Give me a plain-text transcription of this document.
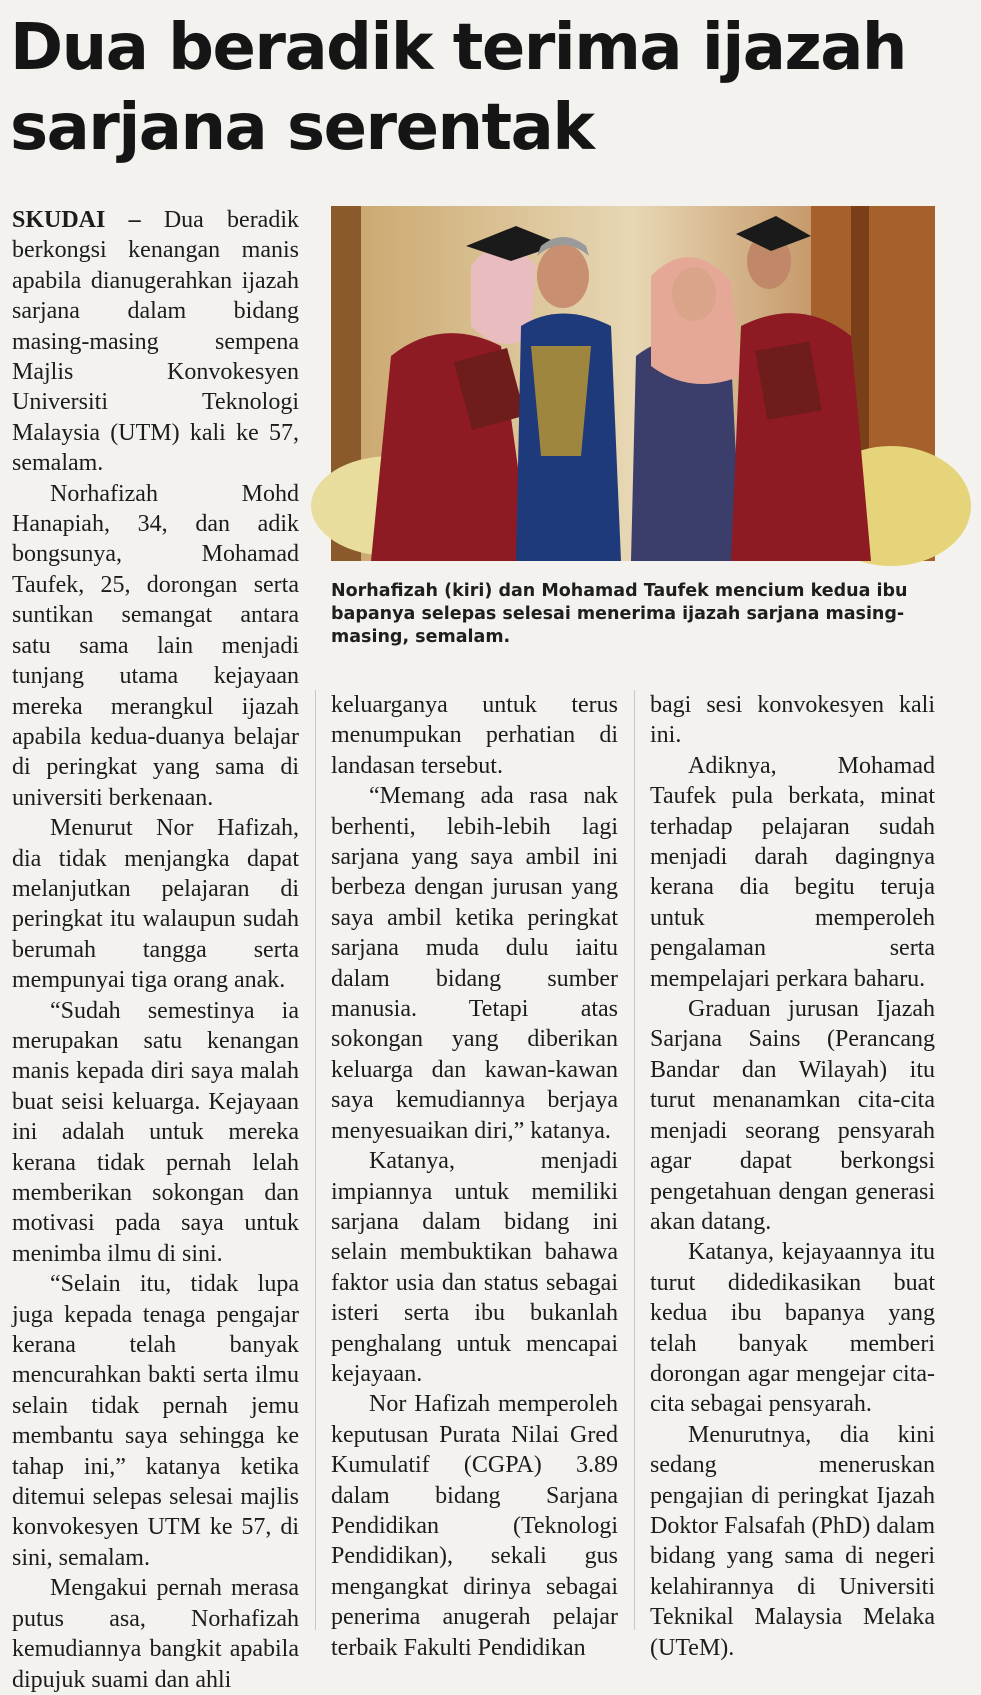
Dua beradik terima ijazah sarjana serentak

SKUDAI – Dua beradik berkongsi kenangan manis apabila dianugerahkan ijazah sarjana dalam bidang masing-masing sempena Majlis Konvokesyen Universiti Teknologi Malaysia (UTM) kali ke 57, semalam.

Norhafizah Mohd Hanapiah, 34, dan adik bongsunya, Mohamad Taufek, 25, dorongan serta suntikan semangat antara satu sama lain menjadi tunjang utama kejayaan mereka merangkul ijazah apabila kedua-duanya belajar di peringkat yang sama di universiti berkenaan.

Menurut Nor Hafizah, dia tidak menjangka dapat melanjutkan pelajaran di peringkat itu walaupun sudah berumah tangga serta mempunyai tiga orang anak.

“Sudah semestinya ia merupakan satu kenangan manis kepada diri saya malah buat seisi keluarga. Kejayaan ini adalah untuk mereka kerana tidak pernah lelah memberikan sokongan dan motivasi pada saya untuk menimba ilmu di sini.

“Selain itu, tidak lupa juga kepada tenaga pengajar kerana telah banyak mencurahkan bakti serta ilmu selain tidak pernah jemu membantu saya sehingga ke tahap ini,” katanya ketika ditemui selepas selesai majlis konvokesyen UTM ke 57, di sini, semalam.

Mengakui pernah merasa putus asa, Norhafizah kemudiannya bangkit apabila dipujuk suami dan ahli

Norhafizah (kiri) dan Mohamad Taufek mencium kedua ibu bapanya selepas selesai menerima ijazah sarjana masing-masing, semalam.

keluarganya untuk terus menumpukan perhatian di landasan tersebut.

“Memang ada rasa nak berhenti, lebih-lebih lagi sarjana yang saya ambil ini berbeza dengan jurusan yang saya ambil ketika peringkat sarjana muda dulu iaitu dalam bidang sumber manusia. Tetapi atas sokongan yang diberikan keluarga dan kawan-kawan saya kemudiannya berjaya menyesuaikan diri,” katanya.

Katanya, menjadi impiannya untuk memiliki sarjana dalam bidang ini selain membuktikan bahawa faktor usia dan status sebagai isteri serta ibu bukanlah penghalang untuk mencapai kejayaan.

Nor Hafizah memperoleh keputusan Purata Nilai Gred Kumulatif (CGPA) 3.89 dalam bidang Sarjana Pendidikan (Teknologi Pendidikan), sekali gus mengangkat dirinya sebagai penerima anugerah pelajar terbaik Fakulti Pendidikan

bagi sesi konvokesyen kali ini.

Adiknya, Mohamad Taufek pula berkata, minat terhadap pelajaran sudah menjadi darah dagingnya kerana dia begitu teruja untuk memperoleh pengalaman serta mempelajari perkara baharu.

Graduan jurusan Ijazah Sarjana Sains (Perancang Bandar dan Wilayah) itu turut menanamkan cita-cita menjadi seorang pensyarah agar dapat berkongsi pengetahuan dengan generasi akan datang.

Katanya, kejayaannya itu turut didedikasikan buat kedua ibu bapanya yang telah banyak memberi dorongan agar mengejar cita-cita sebagai pensyarah.

Menurutnya, dia kini sedang meneruskan pengajian di peringkat Ijazah Doktor Falsafah (PhD) dalam bidang yang sama di negeri kelahirannya di Universiti Teknikal Malaysia Melaka (UTeM).
